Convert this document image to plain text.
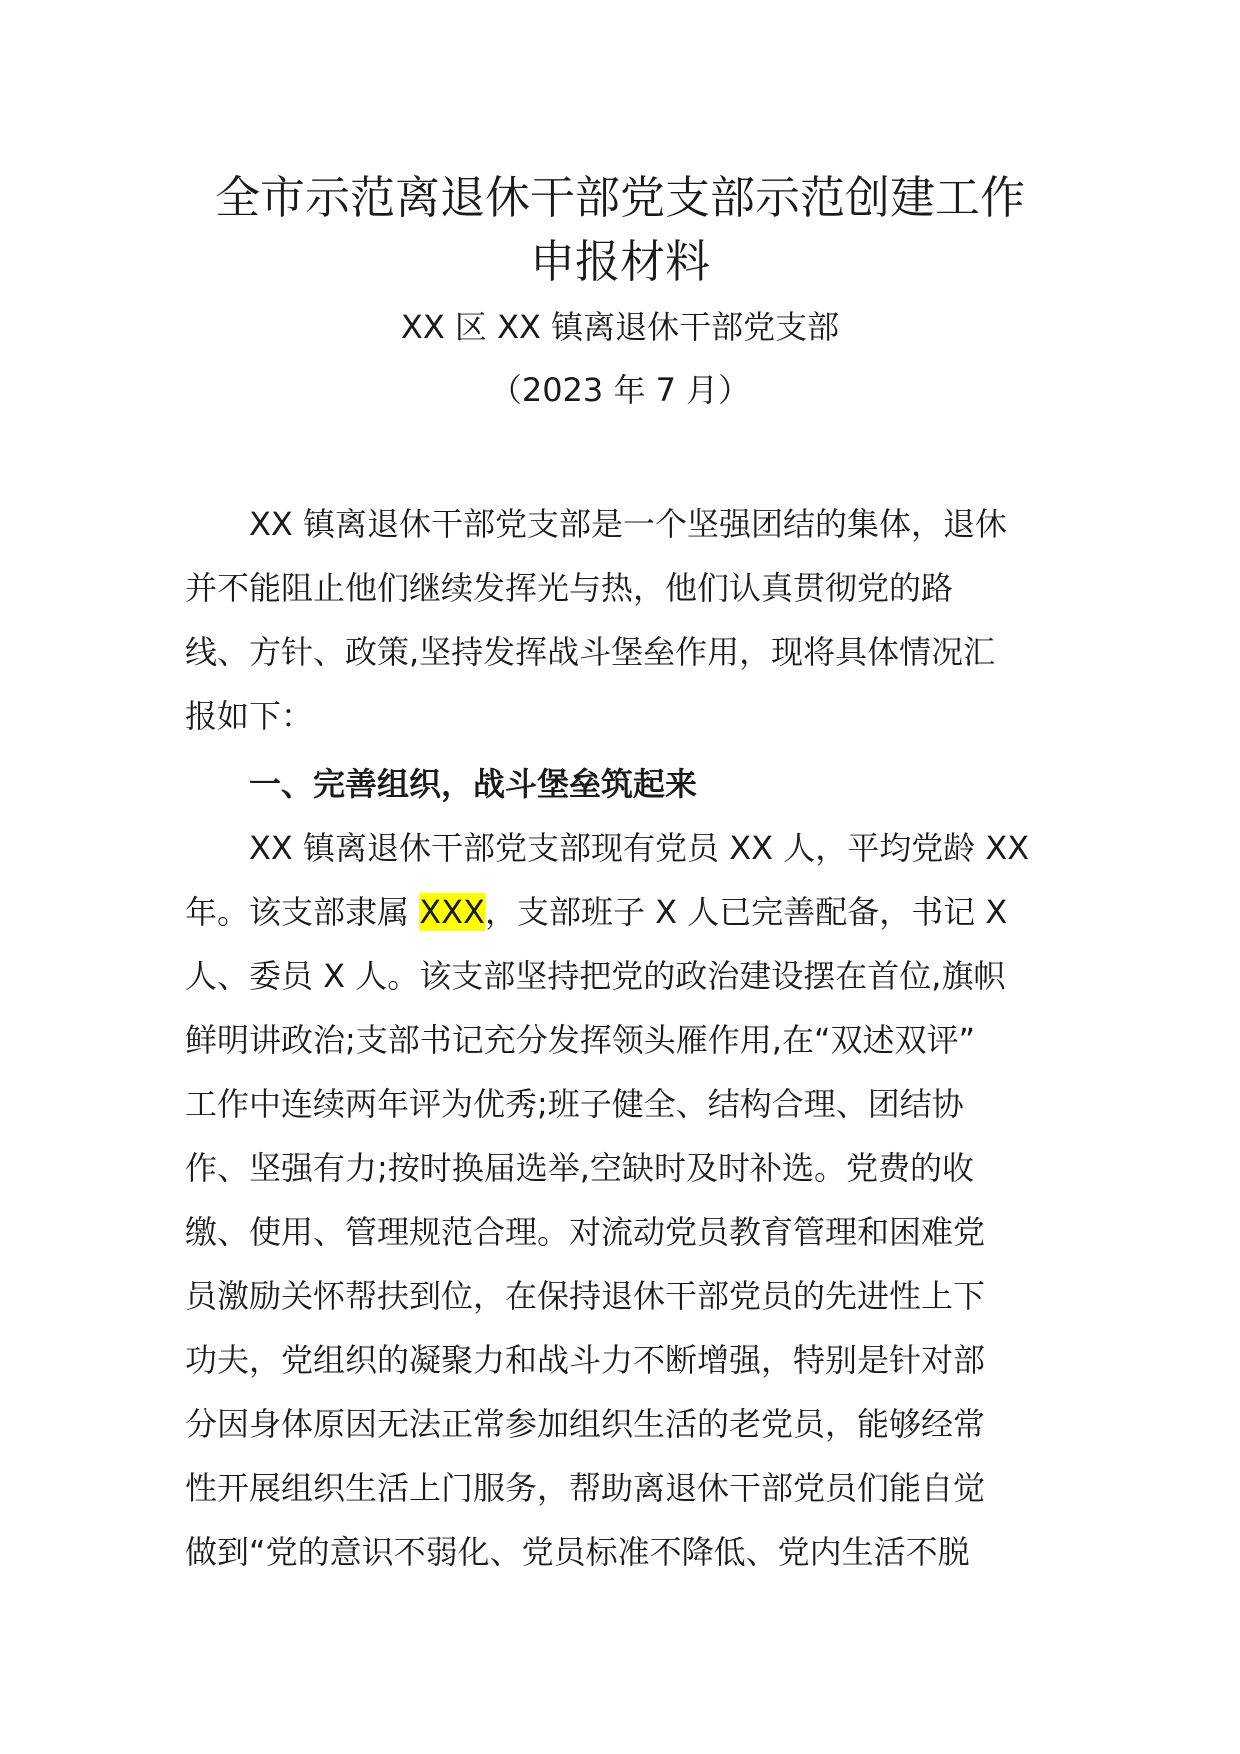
全市示范离退休干部党支部示范创建工作
申报材料
XX 区 XX 镇离退休干部党支部
（2023 年 7 月）
XX 镇离退休干部党支部是一个坚强团结的集体，退休
并不能阻止他们继续发挥光与热，他们认真贯彻党的路
线、方针、政策,坚持发挥战斗堡垒作用，现将具体情况汇
报如下：
一、完善组织，战斗堡垒筑起来
XX 镇离退休干部党支部现有党员 XX 人，平均党龄 XX
年。该支部隶属 XXX，支部班子 X 人已完善配备，书记 X
人、委员 X 人。该支部坚持把党的政治建设摆在首位,旗帜
鲜明讲政治;支部书记充分发挥领头雁作用,在“双述双评”
工作中连续两年评为优秀;班子健全、结构合理、团结协
作、坚强有力;按时换届选举,空缺时及时补选。党费的收
缴、使用、管理规范合理。对流动党员教育管理和困难党
员激励关怀帮扶到位，在保持退休干部党员的先进性上下
功夫，党组织的凝聚力和战斗力不断增强，特别是针对部
分因身体原因无法正常参加组织生活的老党员，能够经常
性开展组织生活上门服务，帮助离退休干部党员们能自觉
做到“党的意识不弱化、党员标准不降低、党内生活不脱
